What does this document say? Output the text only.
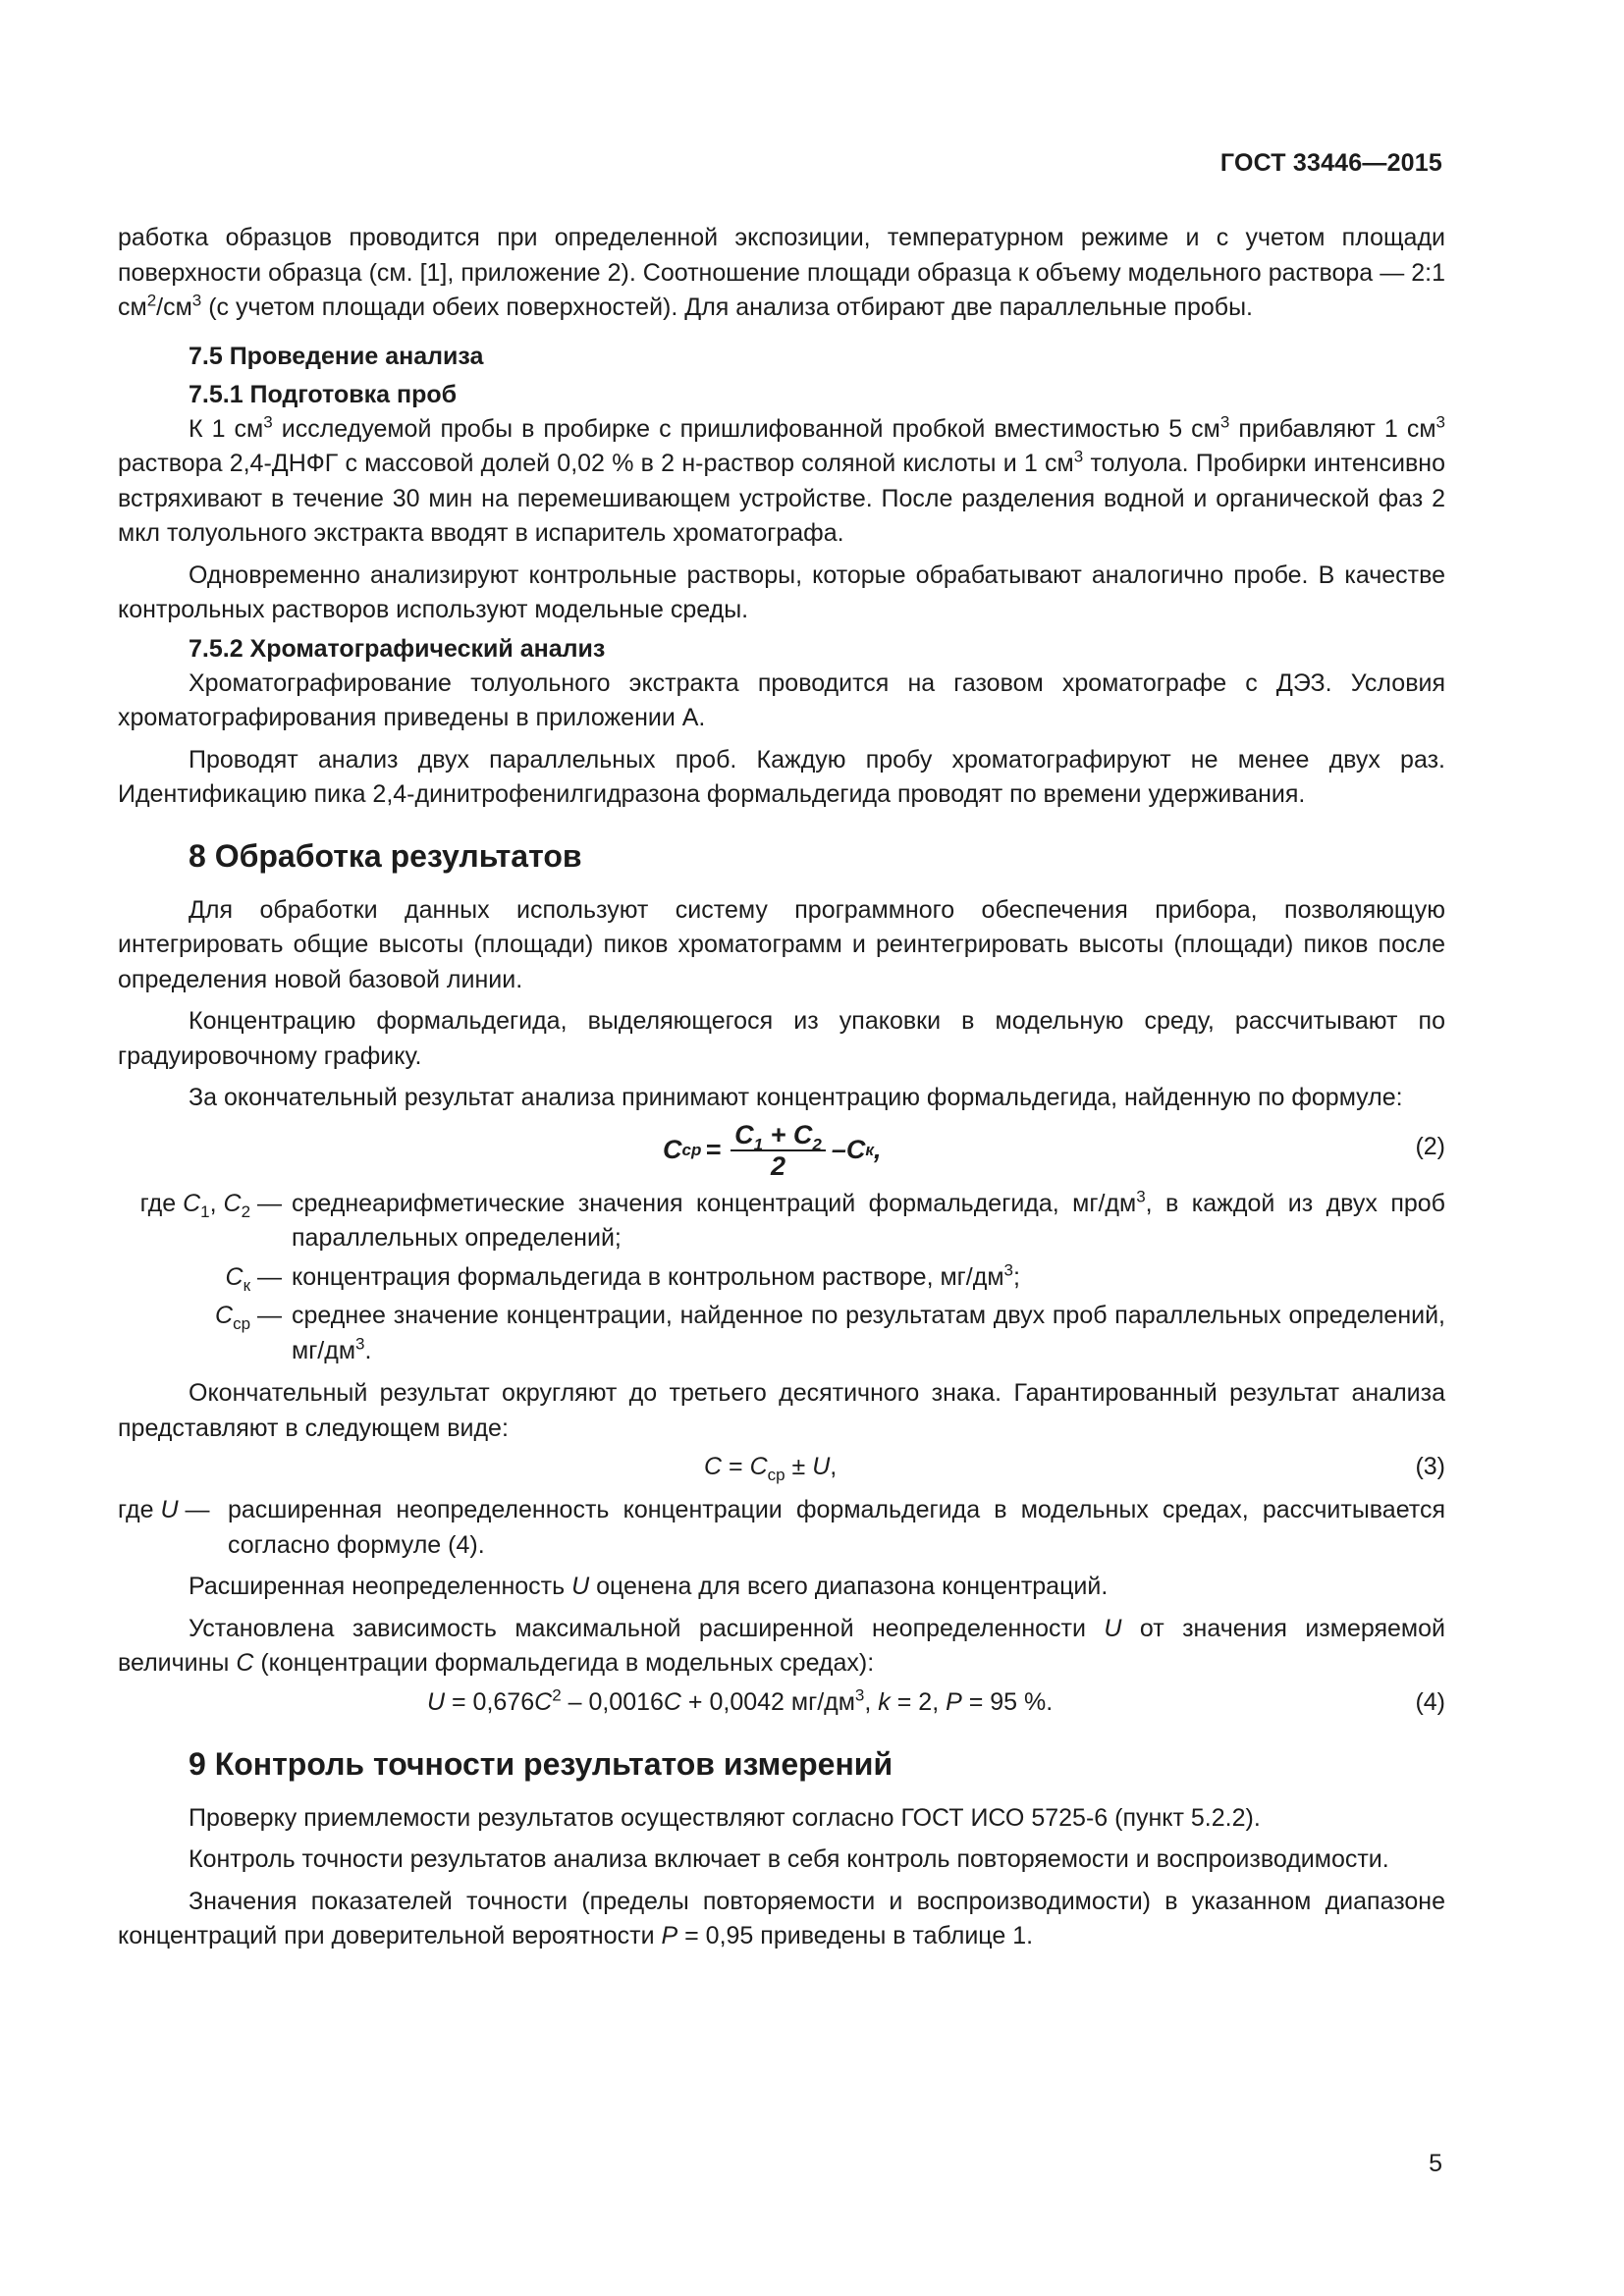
ГОСТ 33446—2015

работка образцов проводится при определенной экспозиции, температурном режиме и с учетом площади поверхности образца (см. [1], приложение 2). Соотношение площади образца к объему модельного раствора — 2:1 $см^2/см^3$ (с учетом площади обеих поверхностей). Для анализа отбирают две параллельные пробы.

7.5 Проведение анализа
7.5.1 Подготовка проб

К 1 $см^3$ исследуемой пробы в пробирке с пришлифованной пробкой вместимостью 5 $см^3$ прибавляют 1 $см^3$ раствора 2,4-ДНФГ с массовой долей 0,02 % в 2 н-раствор соляной кислоты и 1 $см^3$ толуола. Пробирки интенсивно встряхивают в течение 30 мин на перемешивающем устройстве. После разделения водной и органической фаз 2 мкл толуольного экстракта вводят в испаритель хроматографа.

Одновременно анализируют контрольные растворы, которые обрабатывают аналогично пробе. В качестве контрольных растворов используют модельные среды.

7.5.2 Хроматографический анализ

Хроматографирование толуольного экстракта проводится на газовом хроматографе с ДЭЗ. Условия хроматографирования приведены в приложении А.

Проводят анализ двух параллельных проб. Каждую пробу хроматографируют не менее двух раз. Идентификацию пика 2,4-динитрофенилгидразона формальдегида проводят по времени удерживания.

8 Обработка результатов

Для обработки данных используют систему программного обеспечения прибора, позволяющую интегрировать общие высоты (площади) пиков хроматограмм и реинтегрировать высоты (площади) пиков после определения новой базовой линии.

Концентрацию формальдегида, выделяющегося из упаковки в модельную среду, рассчитывают по градуировочному графику.

За окончательный результат анализа принимают концентрацию формальдегида, найденную по формуле:

C ср = $\frac{C_1 + C_2}{2}$ – C к ,	(2)
где $C_1$, $C_2$ — среднеарифметические значения концентраций формальдегида, $мг/дм^3$, в каждой из двух проб параллельных определений;
$C_к$ — концентрация формальдегида в контрольном растворе, $мг/дм^3$;
$C_{ср}$ — среднее значение концентрации, найденное по результатам двух проб параллельных определений, $мг/дм^3$.

Окончательный результат округляют до третьего десятичного знака. Гарантированный результат анализа представляют в следующем виде:

$C = C_{ср} \pm U$,	(3)
где U — расширенная неопределенность концентрации формальдегида в модельных средах, рассчитывается согласно формуле (4).

Расширенная неопределенность U оценена для всего диапазона концентраций.

Установлена зависимость максимальной расширенной неопределенности U от значения измеряемой величины C (концентрации формальдегида в модельных средах):

$U = 0,676C^2 - 0,0016C + 0,0042$ $мг/дм^3$, k = 2, P = 95 %.	(4)
9 Контроль точности результатов измерений

Проверку приемлемости результатов осуществляют согласно ГОСТ ИСО 5725-6 (пункт 5.2.2).

Контроль точности результатов анализа включает в себя контроль повторяемости и воспроизводимости.

Значения показателей точности (пределы повторяемости и воспроизводимости) в указанном диапазоне концентраций при доверительной вероятности P = 0,95 приведены в таблице 1.

5
